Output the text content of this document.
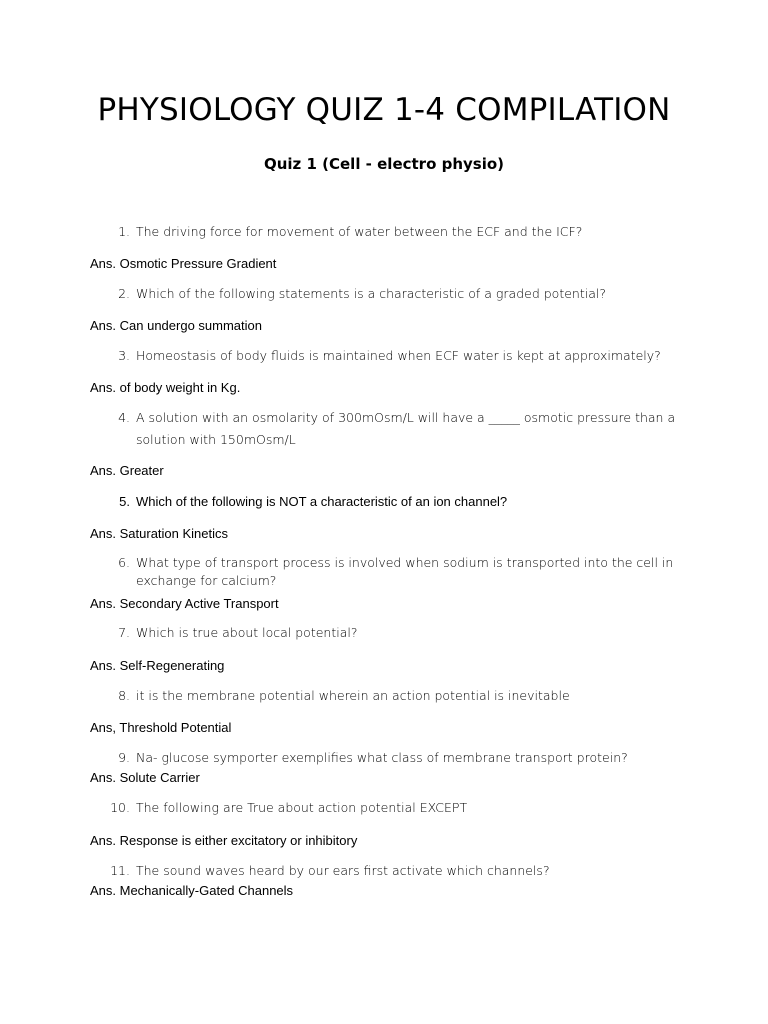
PHYSIOLOGY QUIZ 1-4 COMPILATION
Quiz 1 (Cell - electro physio)
1. The driving force for movement of water between the ECF and the ICF?
Ans. Osmotic Pressure Gradient
2. Which of the following statements is a characteristic of a graded potential?
Ans. Can undergo summation
3. Homeostasis of body fluids is maintained when ECF water is kept at approximately?
Ans. of body weight in Kg.
4. A solution with an osmolarity of 300mOsm/L will have a _____ osmotic pressure than a
solution with 150mOsm/L
Ans. Greater
5. Which of the following is NOT a characteristic of an ion channel?
Ans. Saturation Kinetics
6. What type of transport process is involved when sodium is transported into the cell in
exchange for calcium?
Ans. Secondary Active Transport
7. Which is true about local potential?
Ans. Self-Regenerating
8. it is the membrane potential wherein an action potential is inevitable
Ans, Threshold Potential
9. Na- glucose symporter exemplifies what class of membrane transport protein?
Ans. Solute Carrier
10. The following are True about action potential EXCEPT
Ans. Response is either excitatory or inhibitory
11. The sound waves heard by our ears first activate which channels?
Ans. Mechanically-Gated Channels
